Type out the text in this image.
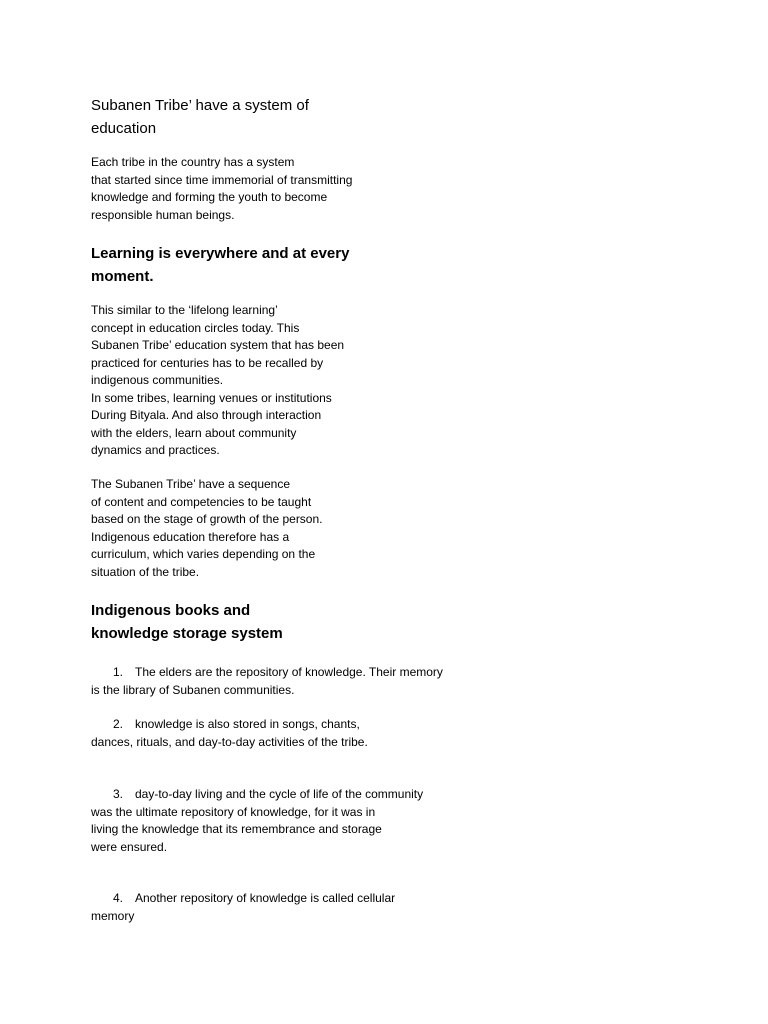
Subanen Tribe’ have a system of
education

Each tribe in the country has a system
that started since time immemorial of transmitting
knowledge and forming the youth to become
responsible human beings.

Learning is everywhere and at every
moment.

This similar to the ‘lifelong learning’
concept in education circles today. This
Subanen Tribe’ education system that has been
practiced for centuries has to be recalled by
indigenous communities.
In some tribes, learning venues or institutions
During Bityala. And also through interaction
with the elders, learn about community
dynamics and practices.

The Subanen Tribe’ have a sequence
of content and competencies to be taught
based on the stage of growth of the person.
Indigenous education therefore has a
curriculum, which varies depending on the
situation of the tribe.

Indigenous books and
knowledge storage system
1. The elders are the repository of knowledge. Their memory
is the library of Subanen communities.
2. knowledge is also stored in songs, chants,
dances, rituals, and day-to-day activities of the tribe.
3. day-to-day living and the cycle of life of the community
was the ultimate repository of knowledge, for it was in
living the knowledge that its remembrance and storage
were ensured.
4. Another repository of knowledge is called cellular
memory
